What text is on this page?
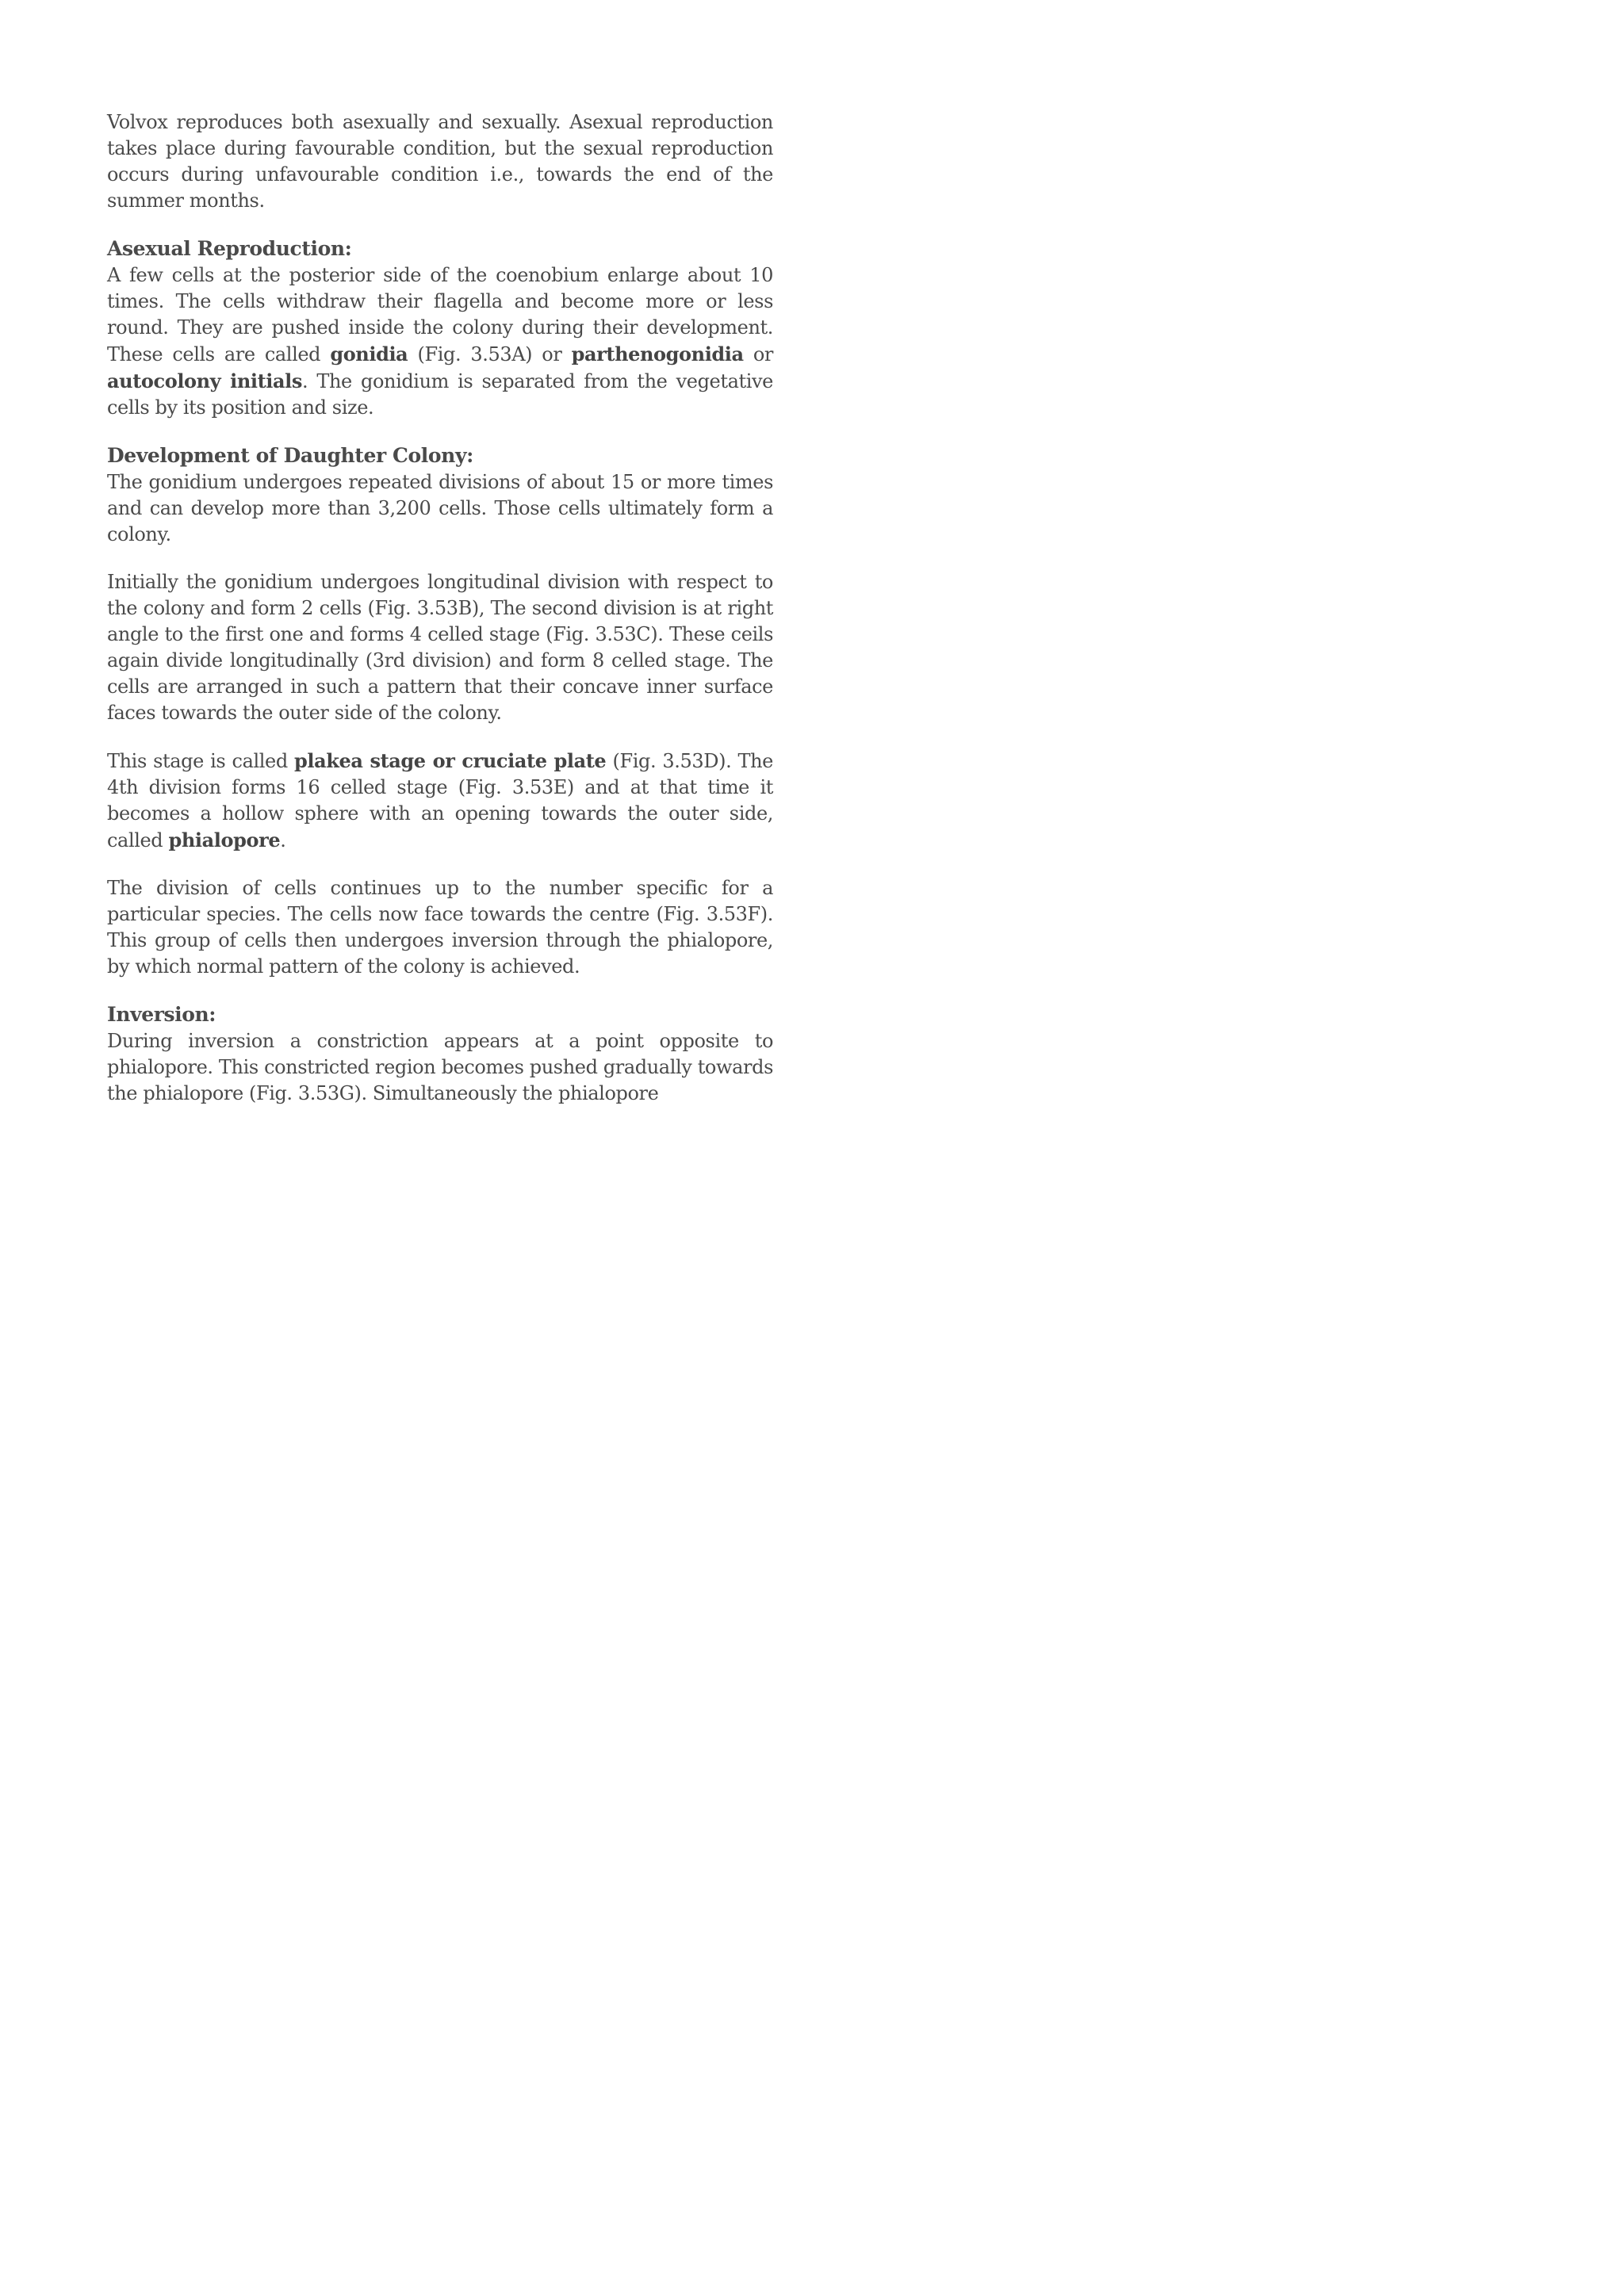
Volvox reproduces both asexually and sexually. Asexual reproduction takes place during favourable condition, but the sexual reproduction occurs during unfavourable condition i.e., towards the end of the summer months.

Asexual Reproduction:

A few cells at the posterior side of the coenobium enlarge about 10 times. The cells withdraw their flagella and become more or less round. They are pushed inside the colony during their development. These cells are called gonidia (Fig. 3.53A) or parthenogonidia or autocolony initials. The gonidium is separated from the vegetative cells by its position and size.

Development of Daughter Colony:

The gonidium undergoes repeated divisions of about 15 or more times and can develop more than 3,200 cells. Those cells ultimately form a colony.

Initially the gonidium undergoes longitudinal division with respect to the colony and form 2 cells (Fig. 3.53B), The second division is at right angle to the first one and forms 4 celled stage (Fig. 3.53C). These ceils again divide longitudinally (3rd division) and form 8 celled stage. The cells are arranged in such a pattern that their concave inner surface faces towards the outer side of the colony.

This stage is called plakea stage or cruciate plate (Fig. 3.53D). The 4th division forms 16 celled stage (Fig. 3.53E) and at that time it becomes a hollow sphere with an opening towards the outer side, called phialopore.

The division of cells continues up to the number specific for a particular species. The cells now face towards the centre (Fig. 3.53F). This group of cells then undergoes inversion through the phialopore, by which normal pattern of the colony is achieved.

Inversion:

During inversion a constriction appears at a point opposite to phialopore. This constricted region becomes pushed gradually towards the phialopore (Fig. 3.53G). Simultaneously the phialopore
